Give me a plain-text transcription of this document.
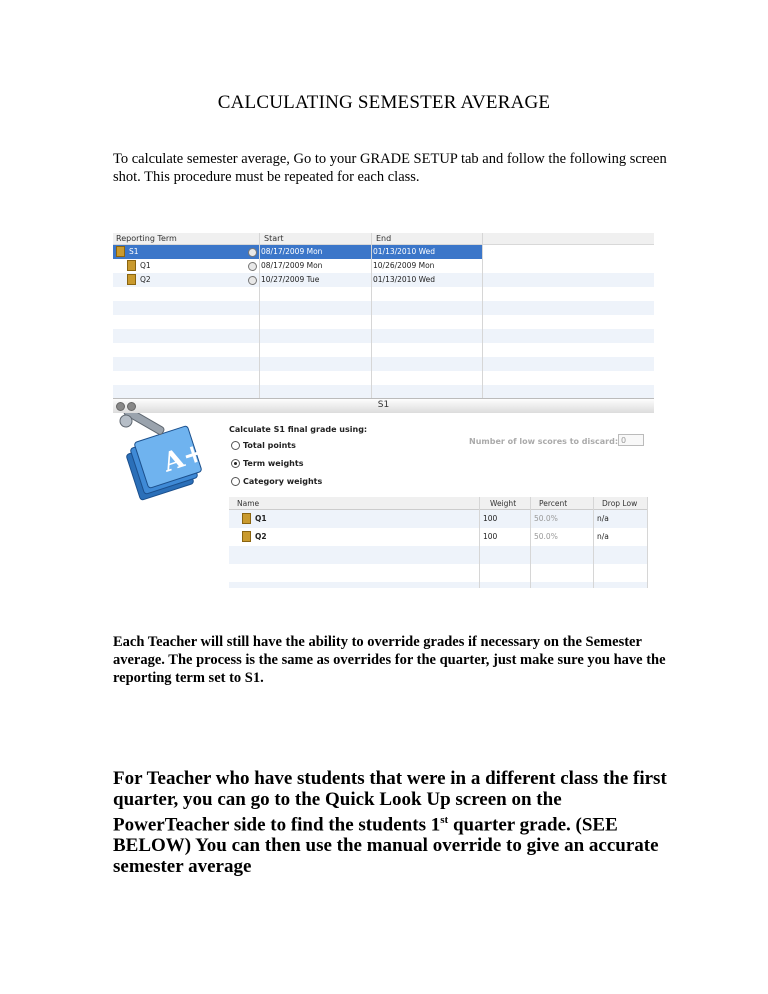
CALCULATING SEMESTER AVERAGE
To calculate semester average, Go to your GRADE SETUP tab and follow the following screen shot. This procedure must be repeated for each class.
Reporting Term	Start	End
S1	08/17/2009 Mon	01/13/2010 Wed
Q1	08/17/2009 Mon	10/26/2009 Mon
Q2	10/27/2009 Tue	01/13/2010 Wed
S1
A+
Calculate S1 final grade using:
Total points
Term weights
Category weights
Number of low scores to discard: 0
Name	Weight	Percent	Drop Low
Q1	100	50.0%	n/a
Q2	100	50.0%	n/a
Each Teacher will still have the ability to override grades if necessary on the Semester average. The process is the same as overrides for the quarter, just make sure you have the reporting term set to S1.
For Teacher who have students that were in a different class the first quarter, you can go to the Quick Look Up screen on the PowerTeacher side to find the students 1st quarter grade. (SEE BELOW) You can then use the manual override to give an accurate semester average
